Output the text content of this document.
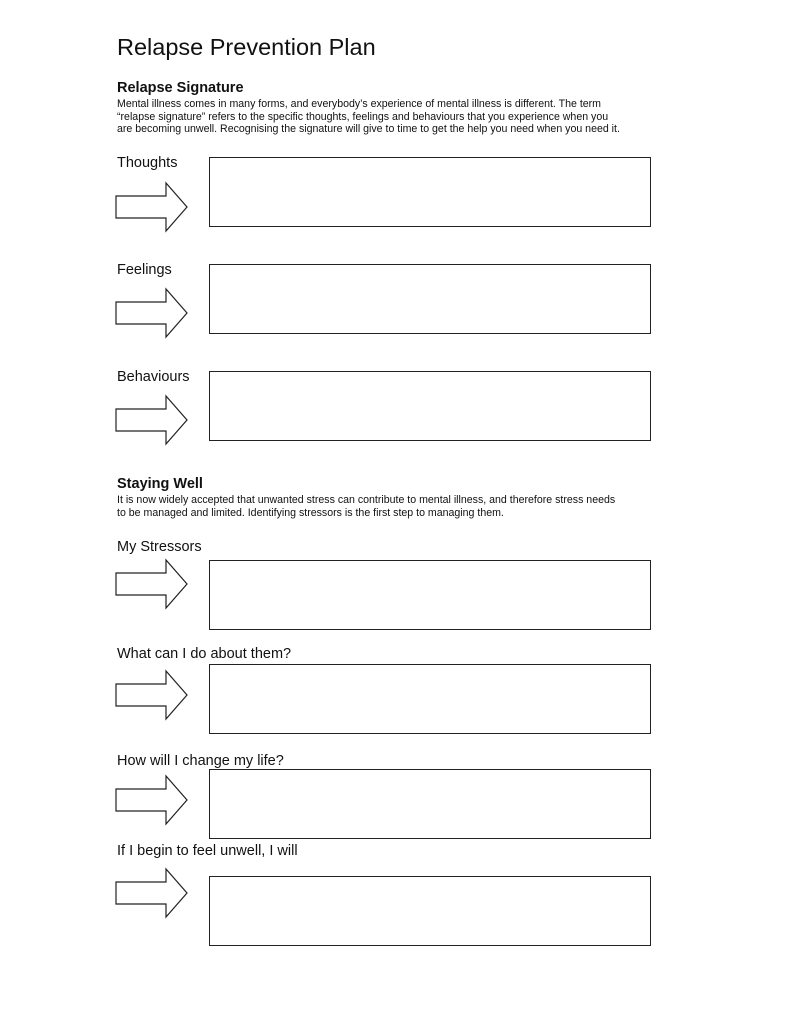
Relapse Prevention Plan
Relapse Signature
Mental illness comes in many forms, and everybody’s experience of mental illness is different. The term
“relapse signature” refers to the specific thoughts, feelings and behaviours that you experience when you
are becoming unwell. Recognising the signature will give to time to get the help you need when you need it.
Thoughts
Feelings
Behaviours
Staying Well
It is now widely accepted that unwanted stress can contribute to mental illness, and therefore stress needs
to be managed and limited. Identifying stressors is the first step to managing them.
My Stressors
What can I do about them?
How will I change my life?
If I begin to feel unwell, I will
